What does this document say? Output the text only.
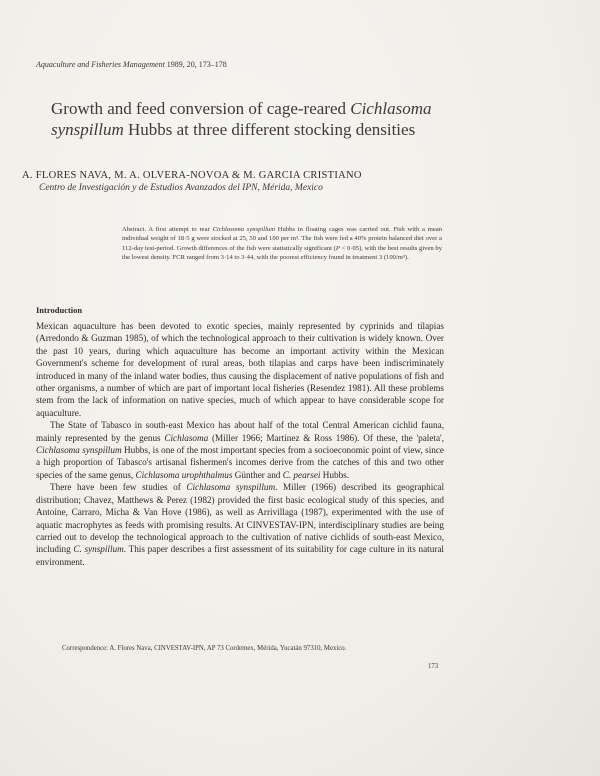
Aquaculture and Fisheries Management 1989, 20, 173–178
Growth and feed conversion of cage-reared Cichlasoma synspillum Hubbs at three different stocking densities
A. FLORES NAVA, M. A. OLVERA-NOVOA & M. GARCIA CRISTIANO
Centro de Investigación y de Estudios Avanzados del IPN, Mérida, Mexico
Abstract. A first attempt to rear Cichlasoma synspillum Hubbs in floating cages was carried out. Fish with a mean individual weight of 18·5 g were stocked at 25, 50 and 100 per m³. The fish were fed a 40% protein balanced diet over a 112-day test-period. Growth differences of the fish were statistically significant (P < 0·05), with the best results given by the lowest density. FCR ranged from 3·14 to 3·44, with the poorest efficiency found in treatment 3 (100/m³).
Introduction

Mexican aquaculture has been devoted to exotic species, mainly represented by cyprinids and tilapias (Arredondo & Guzman 1985), of which the technological approach to their cultivation is widely known. Over the past 10 years, during which aquaculture has become an important activity within the Mexican Government's scheme for development of rural areas, both tilapias and carps have been indiscriminately introduced in many of the inland water bodies, thus causing the displacement of native populations of fish and other organisms, a number of which are part of important local fisheries (Resendez 1981). All these problems stem from the lack of information on native species, much of which appear to have considerable scope for aquaculture.

The State of Tabasco in south-east Mexico has about half of the total Central American cichlid fauna, mainly represented by the genus Cichlasoma (Miller 1966; Martinez & Ross 1986). Of these, the 'paleta', Cichlasoma synspillum Hubbs, is one of the most important species from a socioeconomic point of view, since a high proportion of Tabasco's artisanal fishermen's incomes derive from the catches of this and two other species of the same genus, Cichlasoma urophthalmus Günther and C. pearsei Hubbs.

There have been few studies of Cichlasoma synspillum. Miller (1966) described its geographical distribution; Chavez, Matthews & Perez (1982) provided the first basic ecological study of this species, and Antoine, Carraro, Micha & Van Hove (1986), as well as Arrivillaga (1987), experimented with the use of aquatic macrophytes as feeds with promising results. At CINVESTAV-IPN, interdisciplinary studies are being carried out to develop the technological approach to the cultivation of native cichlids of south-east Mexico, including C. synspillum. This paper describes a first assessment of its suitability for cage culture in its natural environment.

Correspondence: A. Flores Nava, CINVESTAV-IPN, AP 73 Cordemex, Mérida, Yucatán 97310, Mexico.
173
